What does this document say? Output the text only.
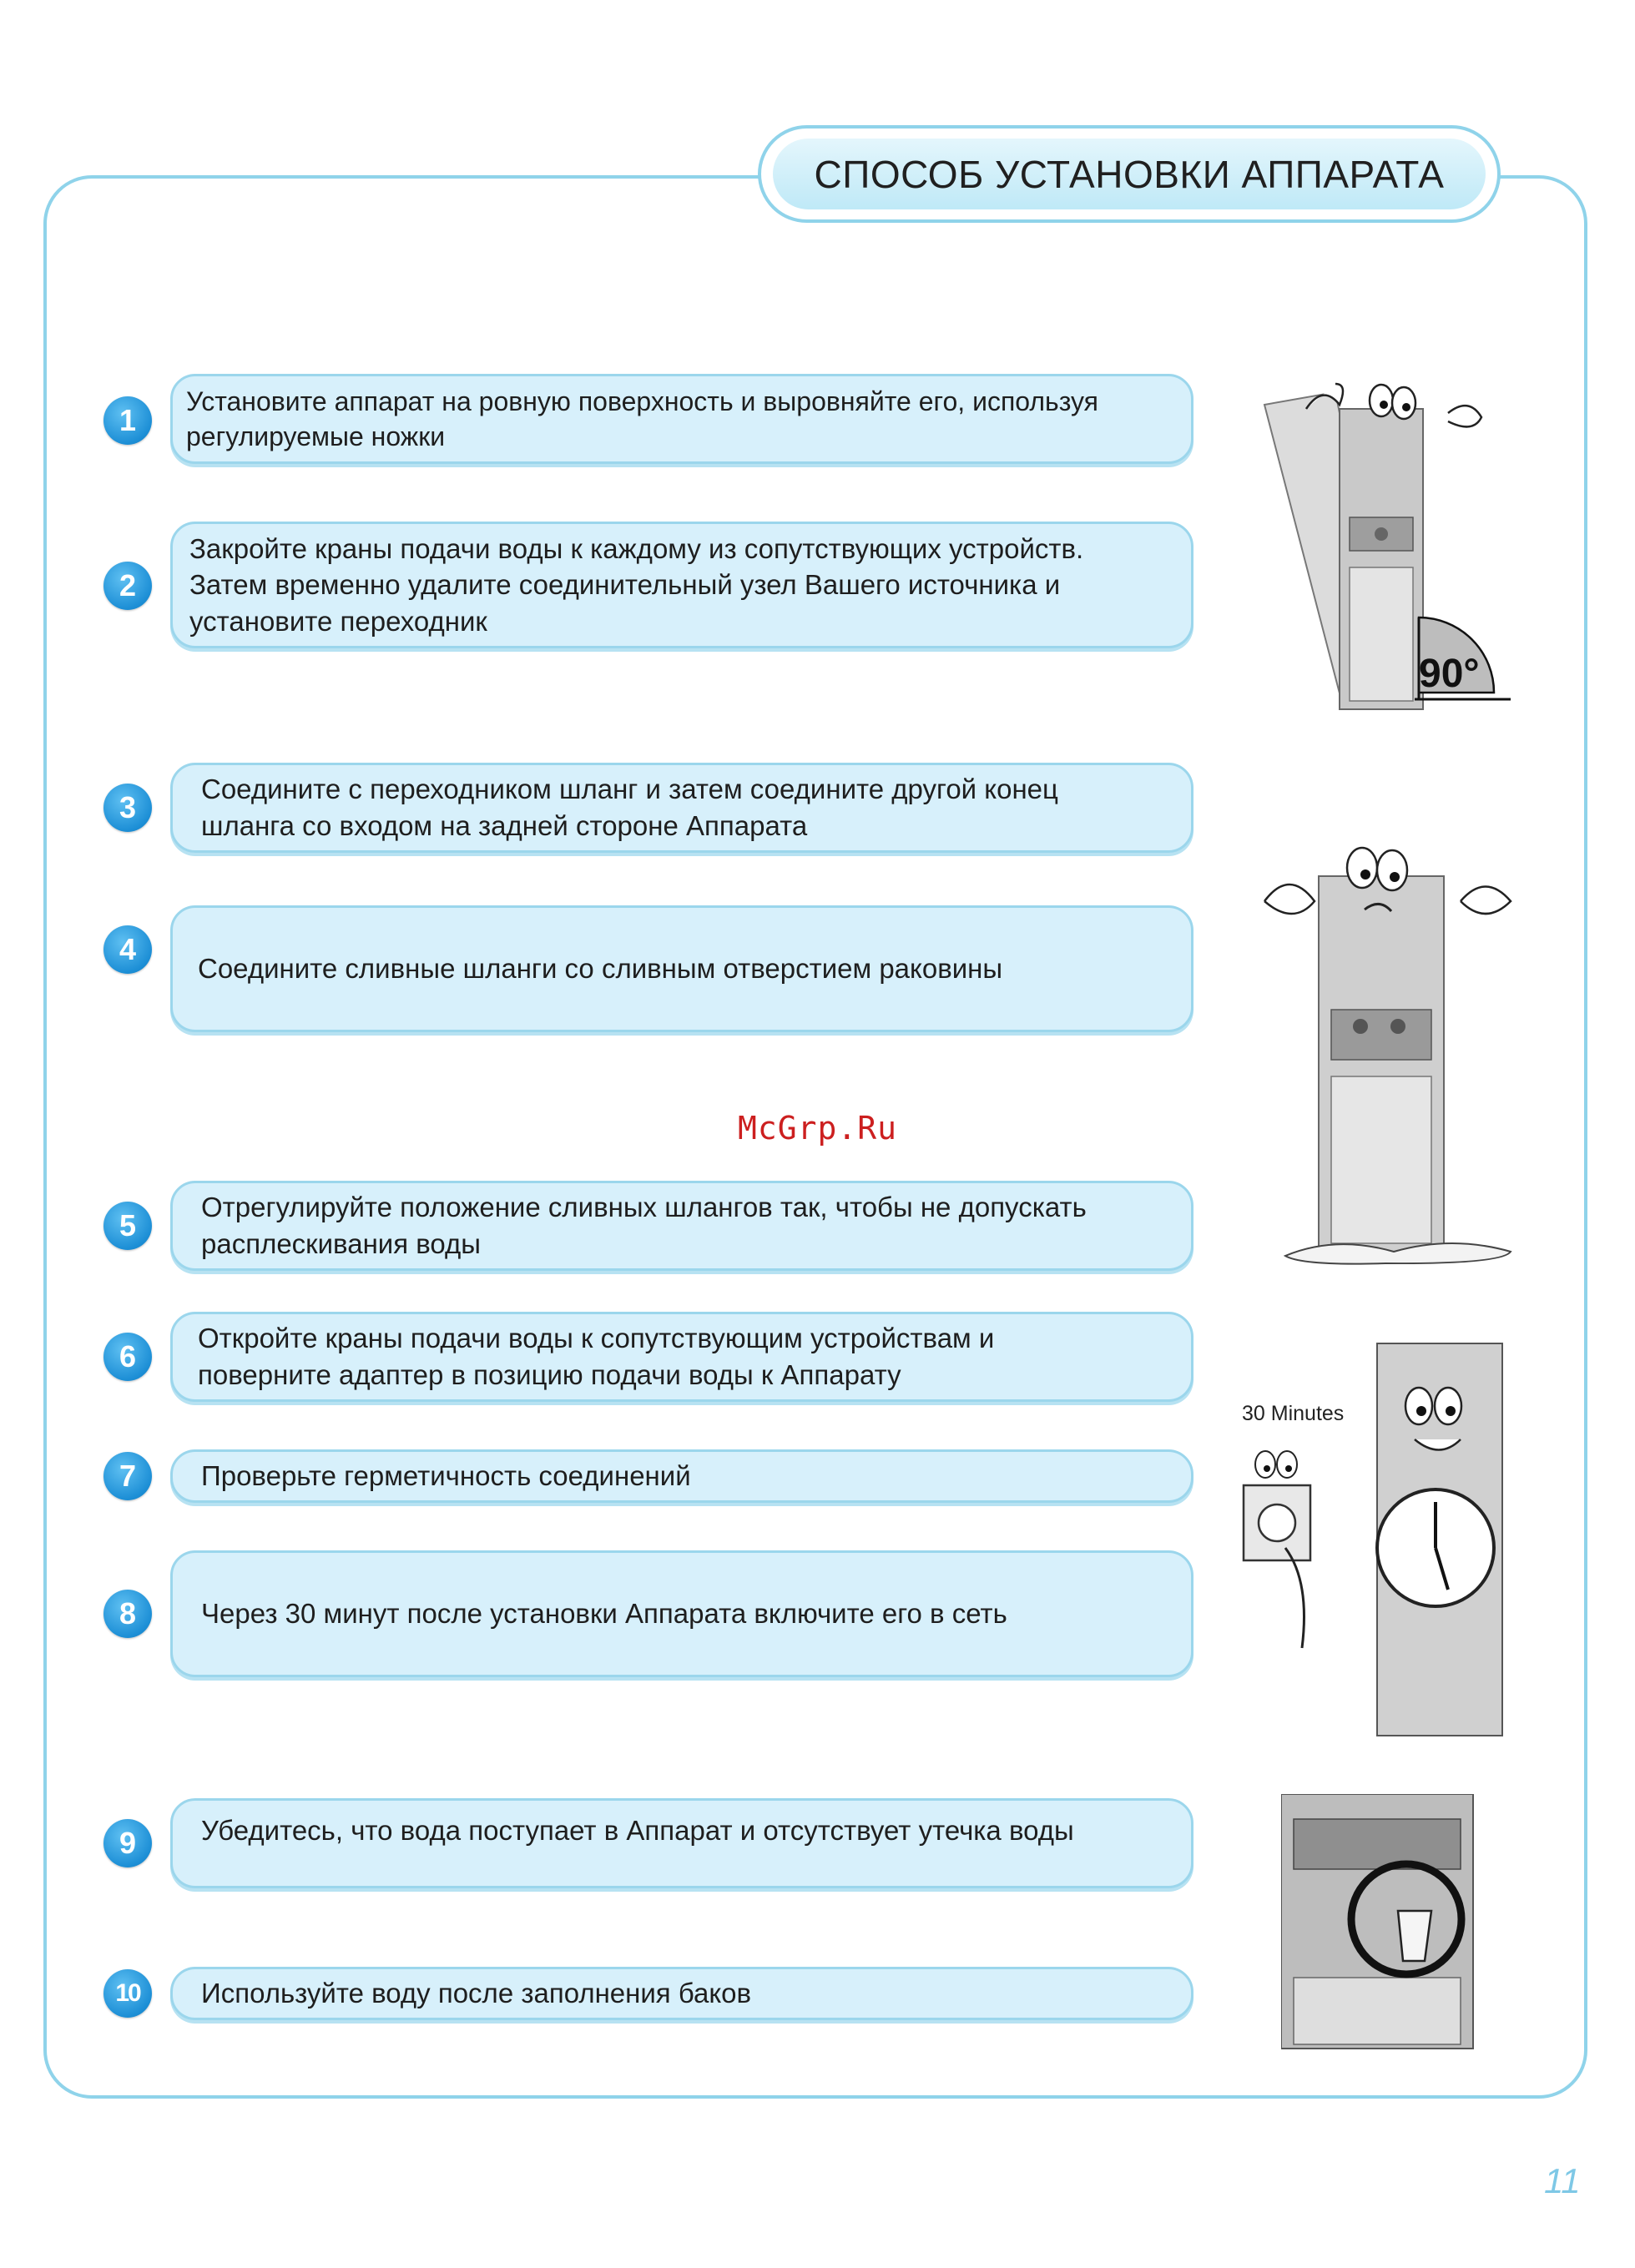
СПОСОБ УСТАНОВКИ АППАРАТА
1
Установите аппарат на ровную поверхность и выровняйте его, используя регулируемые ножки
2
Закройте краны подачи воды к каждому из сопутствующих устройств. Затем временно удалите соединительный узел Вашего источника и установите переходник
3
Соедините с переходником шланг и затем соедините другой конец шланга со входом на задней стороне Аппарата
4
Соедините сливные шланги со сливным отверстием раковины
McGrp.Ru
5
Отрегулируйте положение сливных шлангов так, чтобы не допускать расплескивания воды
6
Откройте краны подачи воды к сопутствующим устройствам и поверните адаптер в позицию подачи воды к Аппарату
7	Проверьте герметичность соединений
8	Через 30 минут после установки Аппарата включите его в сеть
9	Убедитесь, что вода поступает в Аппарат и отсутствует утечка воды
10	Используйте воду после заполнения баков
90°
30 Minutes
11
